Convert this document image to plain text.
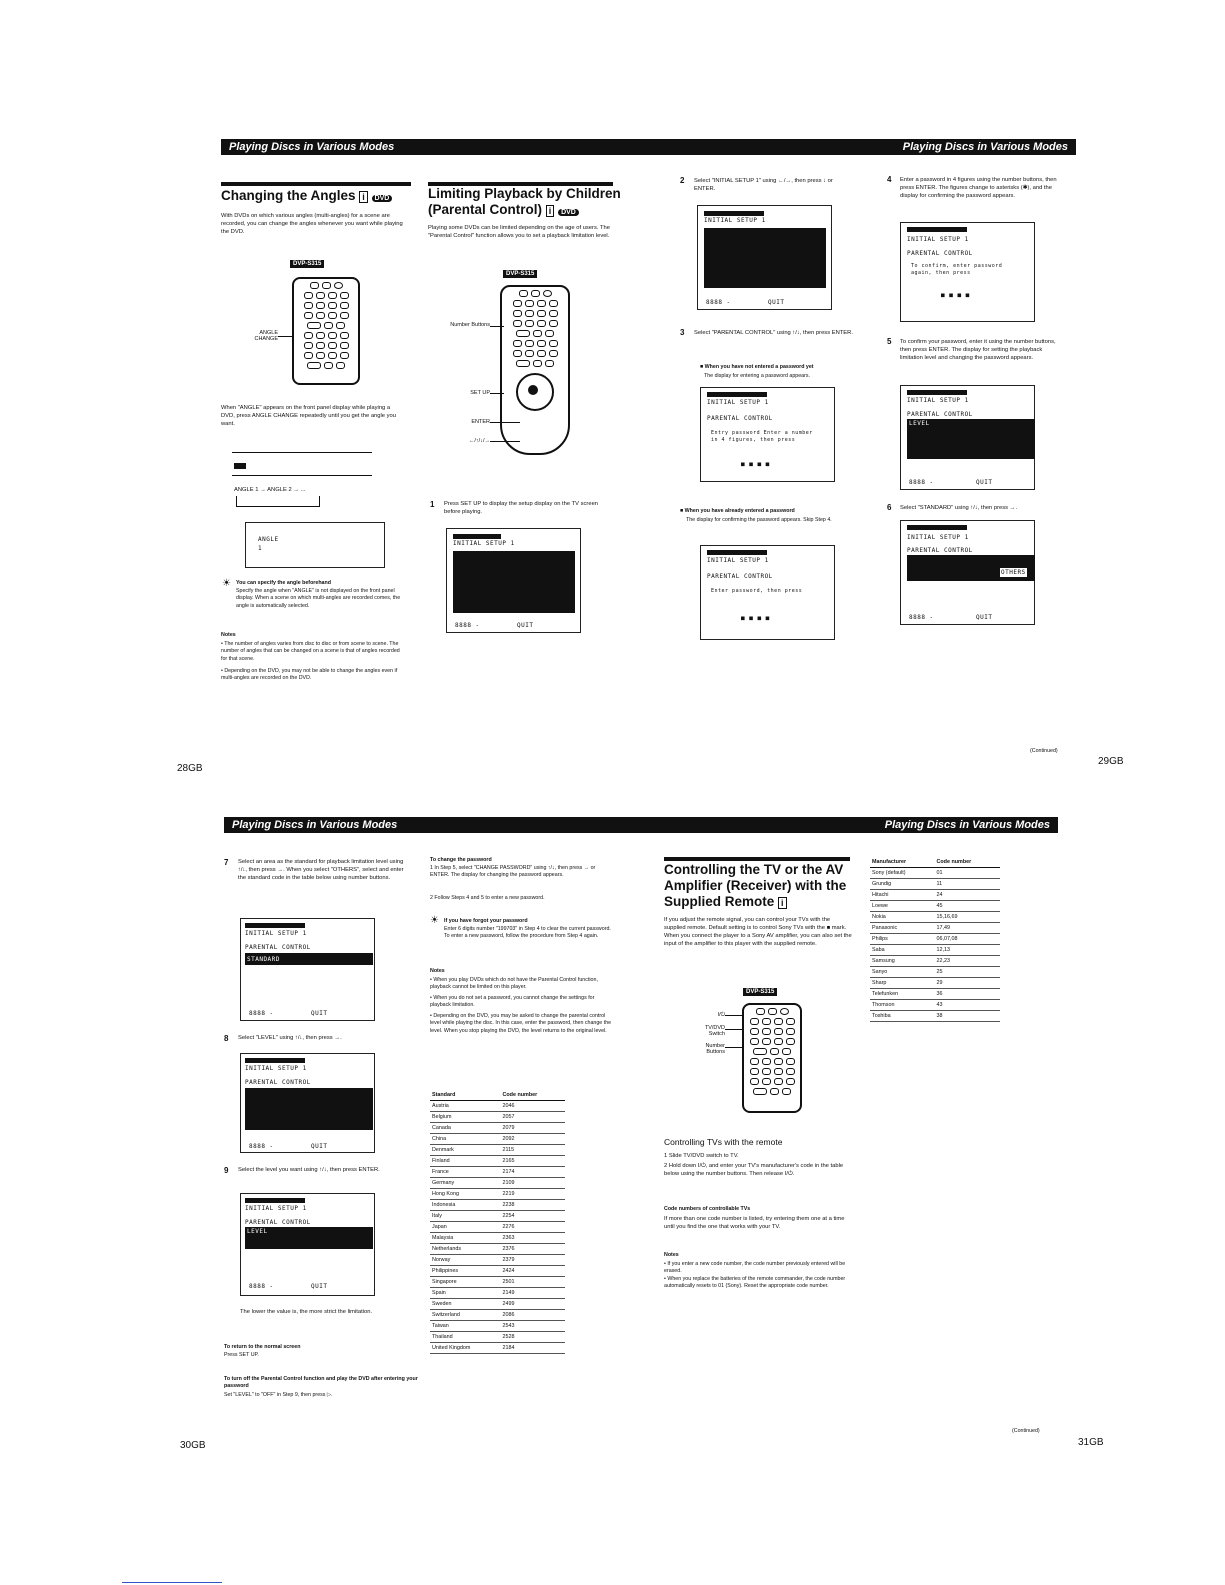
Playing Discs in Various Modes	Playing Discs in Various Modes
Changing the Angles i DVD
With DVDs on which various angles (multi-angles) for a scene are recorded, you can change the angles whenever you want while playing the DVD.
DVP-S315
ANGLE CHANGE
When "ANGLE" appears on the front panel display while playing a DVD, press ANGLE CHANGE repeatedly until you get the angle you want.
ANGLE 1 → ANGLE 2 → ...
ANGLE
1
☀ You can specify the angle beforehand
Specify the angle when "ANGLE" is not displayed on the front panel display. When a scene on which multi-angles are recorded comes, the angle is automatically selected.
Notes
• The number of angles varies from disc to disc or from scene to scene. The number of angles that can be changed on a scene is that of angles recorded for that scene.
• Depending on the DVD, you may not be able to change the angles even if multi-angles are recorded on the DVD.
Limiting Playback by Children
(Parental Control) i DVD
Playing some DVDs can be limited depending on the age of users. The "Parental Control" function allows you to set a playback limitation level.
DVP-S315
Number Buttons
SET UP
ENTER
←/↑/↓/→
1 Press SET UP to display the setup display on the TV screen before playing.
INITIAL SETUP 1
8888 -	QUIT
2 Select "INITIAL SETUP 1" using ←/→, then press ↓ or ENTER.
INITIAL SETUP 1
8888 -	QUIT
3 Select "PARENTAL CONTROL" using ↑/↓, then press ENTER.
■ When you have not entered a password yet
The display for entering a password appears.
INITIAL SETUP 1
PARENTAL CONTROL
Entry password Enter a number in 4 figures, then press
■ ■ ■ ■
■ When you have already entered a password
The display for confirming the password appears. Skip Step 4.
INITIAL SETUP 1
PARENTAL CONTROL
Enter password, then press
■ ■ ■ ■
4 Enter a password in 4 figures using the number buttons, then press ENTER. The figures change to asterisks (✱), and the display for confirming the password appears.
INITIAL SETUP 1
PARENTAL CONTROL
To confirm, enter password again, then press
■ ■ ■ ■
5 To confirm your password, enter it using the number buttons, then press ENTER. The display for setting the playback limitation level and changing the password appears.
INITIAL SETUP 1
PARENTAL CONTROL
LEVEL
8888 -	QUIT
6 Select "STANDARD" using ↑/↓, then press →.
INITIAL SETUP 1
PARENTAL CONTROL
OTHERS
8888 -	QUIT
(Continued)
28GB
29GB
Playing Discs in Various Modes	Playing Discs in Various Modes
7 Select an area as the standard for playback limitation level using ↑/↓, then press →. When you select "OTHERS", select and enter the standard code in the table below using number buttons.
INITIAL SETUP 1
PARENTAL CONTROL
STANDARD
8888 -	QUIT
8 Select "LEVEL" using ↑/↓, then press →.
INITIAL SETUP 1
PARENTAL CONTROL
8888 -	QUIT
9 Select the level you want using ↑/↓, then press ENTER.
INITIAL SETUP 1
PARENTAL CONTROL
LEVEL
8888 -	QUIT
The lower the value is, the more strict the limitation.
To return to the normal screen
Press SET UP.
To turn off the Parental Control function and play the DVD after entering your password
Set "LEVEL" to "OFF" in Step 9, then press ▷.
To change the password
1 In Step 5, select "CHANGE PASSWORD" using ↑/↓, then press → or ENTER. The display for changing the password appears.
2 Follow Steps 4 and 5 to enter a new password.
☀ If you have forgot your password
Enter 6 digits number "199703" in Step 4 to clear the current password. To enter a new password, follow the procedure from Step 4 again.
Notes
• When you play DVDs which do not have the Parental Control function, playback cannot be limited on this player.
• When you do not set a password, you cannot change the settings for playback limitation.
• Depending on the DVD, you may be asked to change the parental control level while playing the disc. In this case, enter the password, then change the level. When you stop playing the DVD, the level returns to the original level.
Standard	Code number
Austria	2046
Belgium	2057
Canada	2079
China	2092
Denmark	2115
Finland	2165
France	2174
Germany	2109
Hong Kong	2219
Indonesia	2238
Italy	2254
Japan	2276
Malaysia	2363
Netherlands	2376
Norway	2379
Philippines	2424
Singapore	2501
Spain	2149
Sweden	2499
Switzerland	2086
Taiwan	2543
Thailand	2528
United Kingdom	2184
30GB
Controlling the TV or the AV
Amplifier (Receiver) with the
Supplied Remote i
If you adjust the remote signal, you can control your TVs with the supplied remote. Default setting is to control Sony TVs with the ■ mark. When you connect the player to a Sony AV amplifier, you can also set the input of the amplifier to this player with the supplied remote.
DVP-S315
I/⏻
TV/DVD Switch
Number Buttons
Controlling TVs with the remote
1 Slide TV/DVD switch to TV.
2 Hold down I/⏻, and enter your TV's manufacturer's code in the table below using the number buttons. Then release I/⏻.
Code numbers of controllable TVs
If more than one code number is listed, try entering them one at a time until you find the one that works with your TV.
Notes
• If you enter a new code number, the code number previously entered will be erased.
• When you replace the batteries of the remote commander, the code number automatically resets to 01 (Sony). Reset the appropriate code number.
Manufacturer	Code number
Sony (default)	01
Grundig	11
Hitachi	24
Loewe	45
Nokia	15,16,69
Panasonic	17,49
Philips	06,07,08
Saba	12,13
Samsung	22,23
Sanyo	25
Sharp	29
Telefunken	36
Thomson	43
Toshiba	38
(Continued)
31GB
